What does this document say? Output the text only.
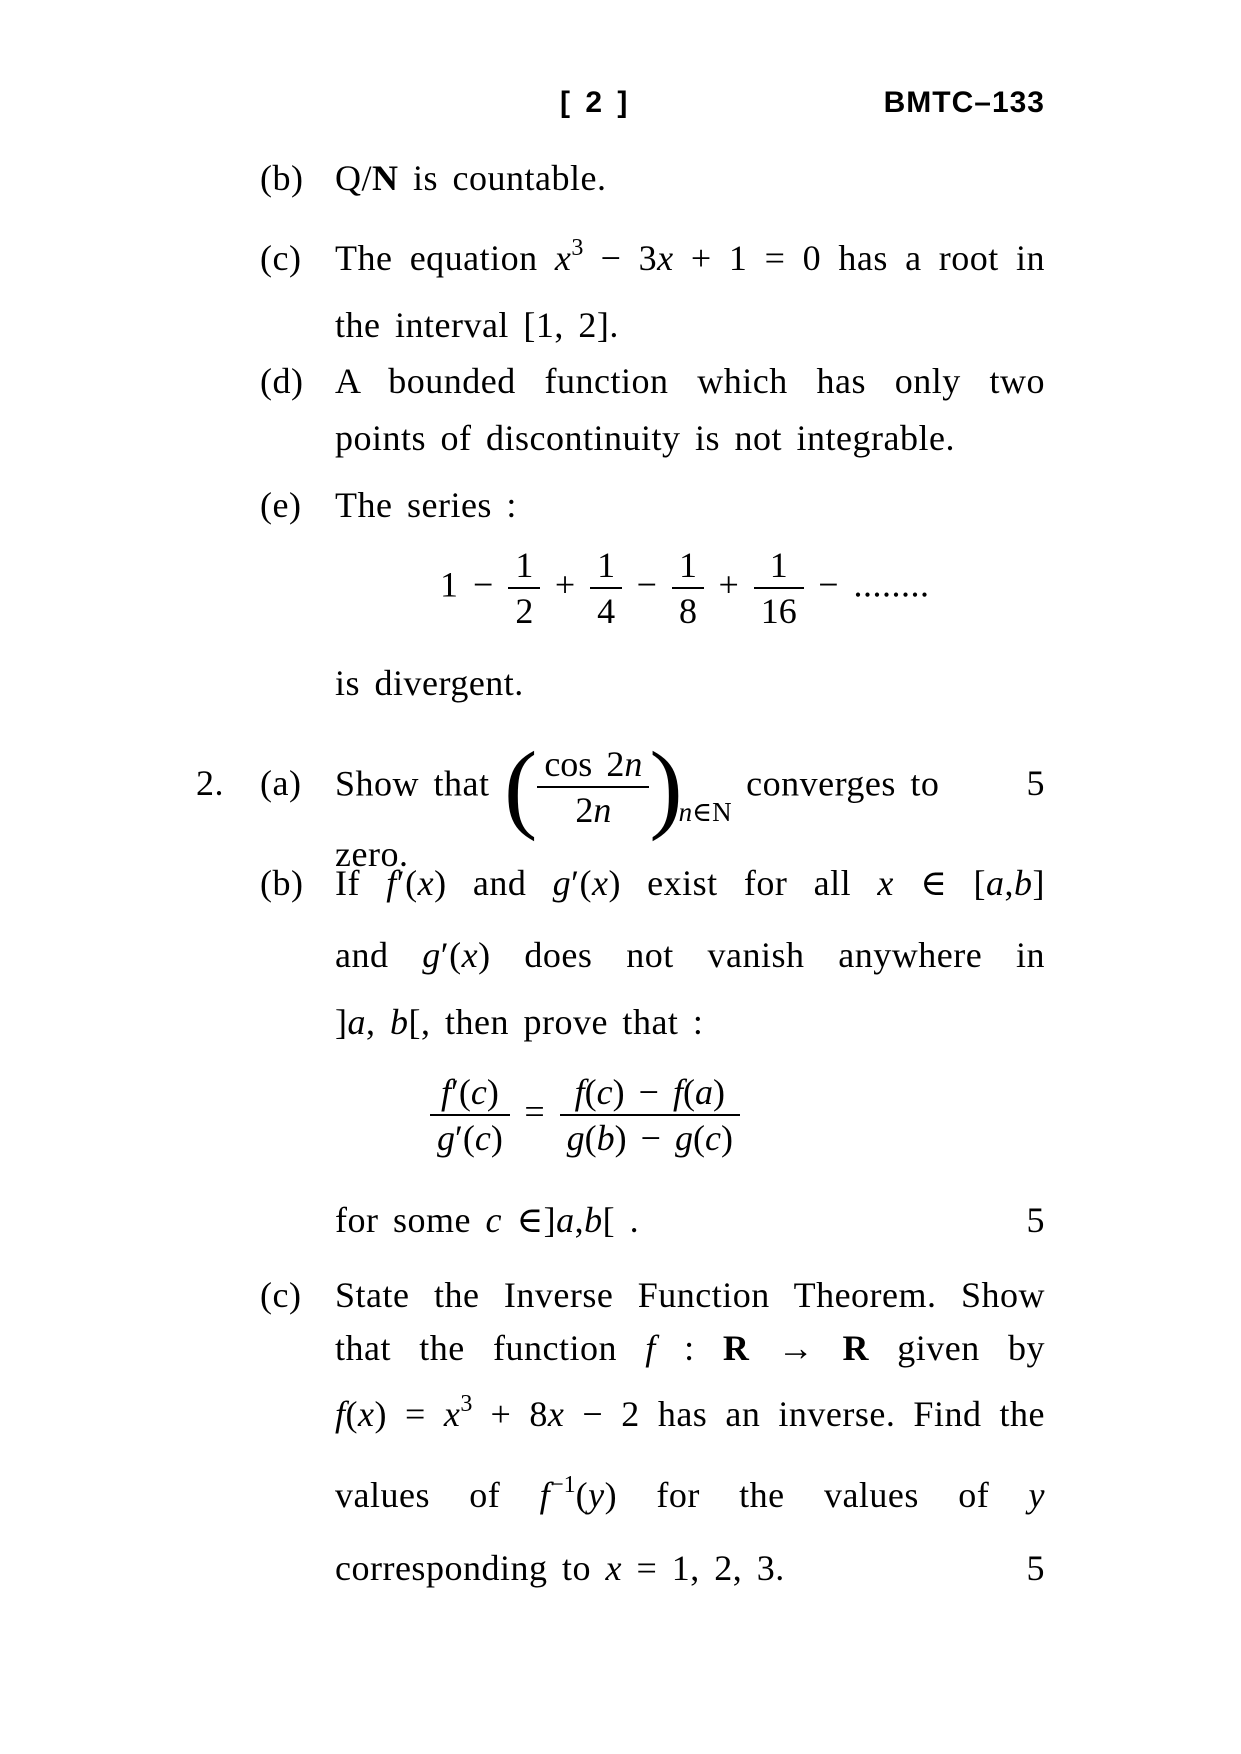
[ 2 ]	BMTC–133
(b) Q/N is countable.
(c) The equation $x^3 - 3x + 1 = 0$ has a root in
the interval [1, 2].
(d) A bounded function which has only two
points of discontinuity is not integrable.
(e) The series :
$1 - \frac{1}{2} + \frac{1}{4} - \frac{1}{8} + \frac{1}{16}$ − ........
is divergent.
2.	(a) Show that ( $\frac{\cos 2n}{2n} )_{n\in N}$ converges to zero.
5
(b) If f′(x) and g′(x) exist for all x ∈ [a,b]
and g′(x) does not vanish anywhere in
]a, b[, then prove that :
$\frac{f'(c)}{g'(c)} = \frac{f(c) - f(a)}{g(b) - g(c)}$
for some c ∈]a,b[ .	5
(c) State the Inverse Function Theorem. Show
that the function f : R → R given by
$f(x) = x^3 + 8x - 2$ has an inverse. Find the
values of $f^{-1}(y)$ for the values of y
corresponding to x = 1, 2, 3.	5
